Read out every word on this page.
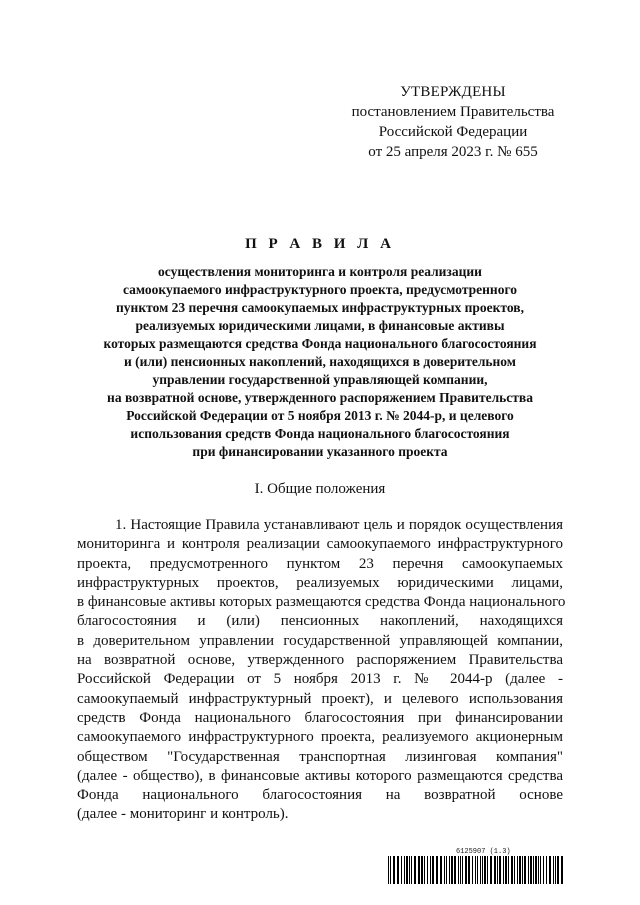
УТВЕРЖДЕНЫ
постановлением Правительства
Российской Федерации
от 25 апреля 2023 г. № 655
П Р А В И Л А
осуществления мониторинга и контроля реализации
самоокупаемого инфраструктурного проекта, предусмотренного
пунктом 23 перечня самоокупаемых инфраструктурных проектов,
реализуемых юридическими лицами, в финансовые активы
которых размещаются средства Фонда национального благосостояния
и (или) пенсионных накоплений, находящихся в доверительном
управлении государственной управляющей компании,
на возвратной основе, утвержденного распоряжением Правительства
Российской Федерации от 5 ноября 2013 г. № 2044-р, и целевого
использования средств Фонда национального благосостояния
при финансировании указанного проекта
I. Общие положения
1. Настоящие Правила устанавливают цель и порядок осуществления
мониторинга и контроля реализации самоокупаемого инфраструктурного
проекта, предусмотренного пунктом 23 перечня самоокупаемых
инфраструктурных проектов, реализуемых юридическими лицами,
в финансовые активы которых размещаются средства Фонда национального
благосостояния и (или) пенсионных накоплений, находящихся
в доверительном управлении государственной управляющей компании,
на возвратной основе, утвержденного распоряжением Правительства
Российской Федерации от 5 ноября 2013 г. № 2044-р (далее -
самоокупаемый инфраструктурный проект), и целевого использования
средств Фонда национального благосостояния при финансировании
самоокупаемого инфраструктурного проекта, реализуемого акционерным
обществом "Государственная транспортная лизинговая компания"
(далее - общество), в финансовые активы которого размещаются средства
Фонда национального благосостояния на возвратной основе
(далее - мониторинг и контроль).
6125907 (1.3)
